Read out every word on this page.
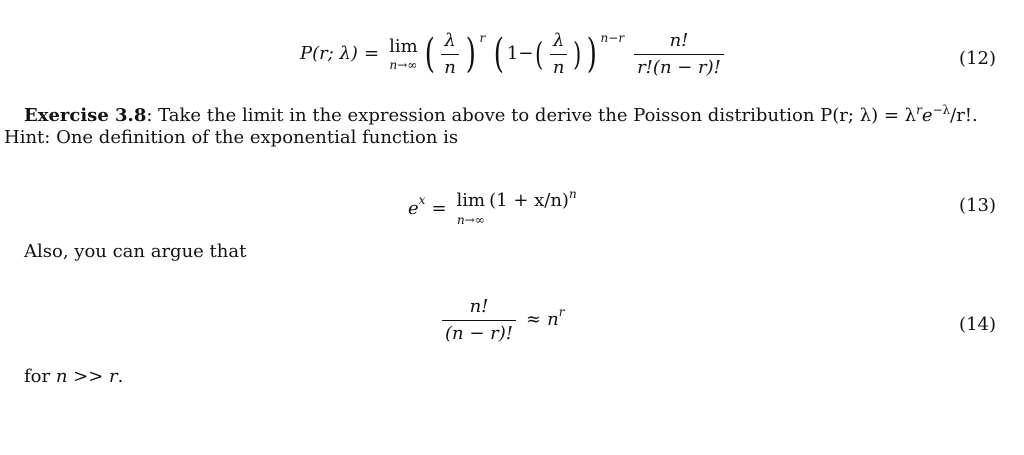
P(r; λ) = lim
n→∞ ( $\frac{\lambda}{n}$ ) r ( 1− ( $\frac{\lambda}{n}$ ) ) $n-r \frac{n!}{r!(n - r)!}$	(12)
Exercise 3.8: Take the limit in the expression above to derive the Poisson distribution P(r; $\lambda) = \lambda^re^{-\lambda}/r$!. Hint: One definition of the exponential function is
e x = lim
n→∞
(1 + x/n) n
(13)
Also, you can argue that
$\frac{n!}{(n - r)!} \approx n$ r
(14)
for n >> r.
